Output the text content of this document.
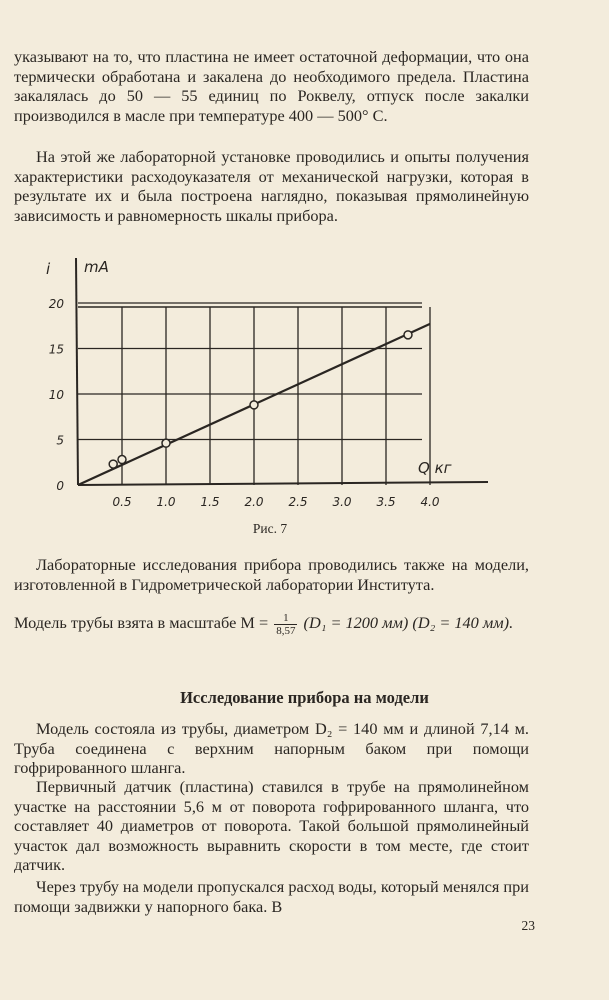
указывают на то, что пластина не имеет остаточной деформации, что она термически обработана и закалена до необходимого предела. Пластина закалялась до 50 — 55 единиц по Роквелу, отпуск после закалки производился в масле при температуре 400 — 500° С.

На этой же лабораторной установке проводились и опыты получения характеристики расходоуказателя от механической нагрузки, которая в результате их и была построена наглядно, показывая прямолинейную зависимость и равномерность шкалы прибора.

0.5 1.0 1.5 2.0 2.5 3.0 3.5 4.0
0
5
10
15
20
mA
i
Q кг
Рис. 7

Лабораторные исследования прибора проводились также на модели, изготовленной в Гидрометрической лаборатории Института.

Модель трубы взята в масштабе $М = \frac{1}{8,57} (D_1 = 1200$ мм) (D₂ = 140 мм).

Исследование прибора на модели

Модель состояла из трубы, диаметром D₂ = 140 мм и длиной 7,14 м. Труба соединена с верхним напорным баком при помощи гофрированного шланга.

Первичный датчик (пластина) ставился в трубе на прямолинейном участке на расстоянии 5,6 м от поворота гофрированного шланга, что составляет 40 диаметров от поворота. Такой большой прямолинейный участок дал возможность выравнить скорости в том месте, где стоит датчик.

Через трубу на модели пропускался расход воды, который менялся при помощи задвижки у напорного бака. В

23
